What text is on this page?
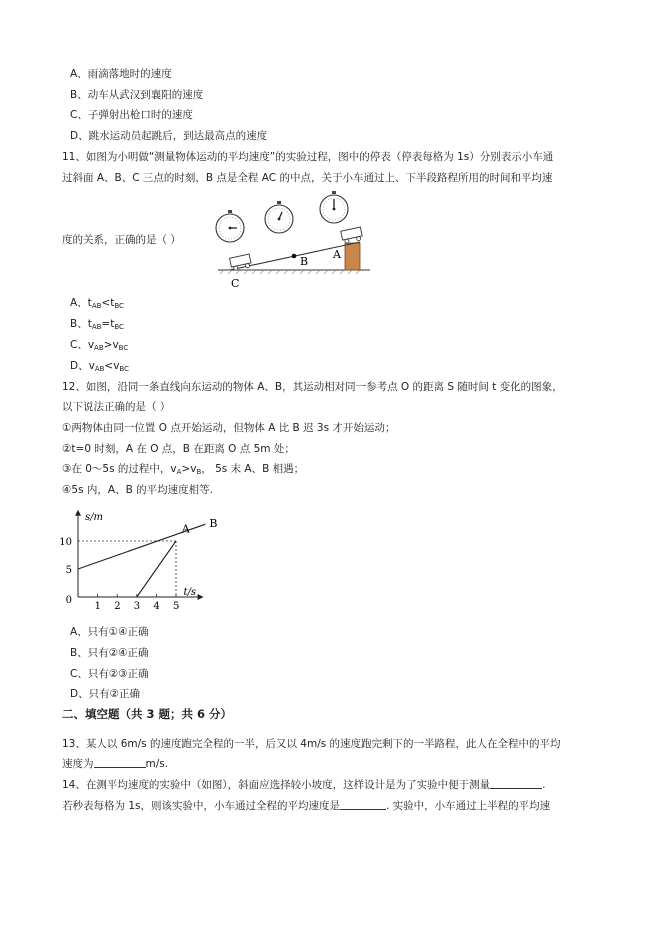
A、雨滴落地时的速度
B、动车从武汉到襄阳的速度
C、子弹射出枪口时的速度
D、跳水运动员起跳后，到达最高点的速度
11、如图为小明做“测量物体运动的平均速度”的实验过程，图中的停表（停表每格为 1s）分别表示小车通
过斜面 A、B、C 三点的时刻，B 点是全程 AC 的中点，关于小车通过上、下半段路程所用的时间和平均速
度的关系，正确的是（ ）
A
B
C
A、$t_{AB}<t_{BC}$
B、$t_{AB}=t_{BC}$
C、$v_{AB}>v_{BC}$
D、$v_{AB}<v_{BC}$
12、如图，沿同一条直线向东运动的物体 A、B，其运动相对同一参考点 O 的距离 S 随时间 t 变化的图象，
以下说法正确的是（ ）
①两物体由同一位置 O 点开始运动，但物体 A 比 B 迟 3s 才开始运动；
②t=0 时刻，A 在 O 点，B 在距离 O 点 5m 处；
③在 0～5s 的过程中，$v_A>v_B$， 5s 末 A、B 相遇；
④5s 内，A、B 的平均速度相等.
s/m
t/s
1 2 3 4 5
0
5
10
A B
A、只有①④正确
B、只有②④正确
C、只有②③正确
D、只有②正确
二、填空题（共 3 题；共 6 分）
13、某人以 6m/s 的速度跑完全程的一半，后又以 4m/s 的速度跑完剩下的一半路程，此人在全程中的平均
速度为	m/s.
14、在测平均速度的实验中（如图），斜面应选择较小坡度，这样设计是为了实验中便于测量	.
若秒表每格为 1s，则该实验中，小车通过全程的平均速度是	. 实验中，小车通过上半程的平均速
